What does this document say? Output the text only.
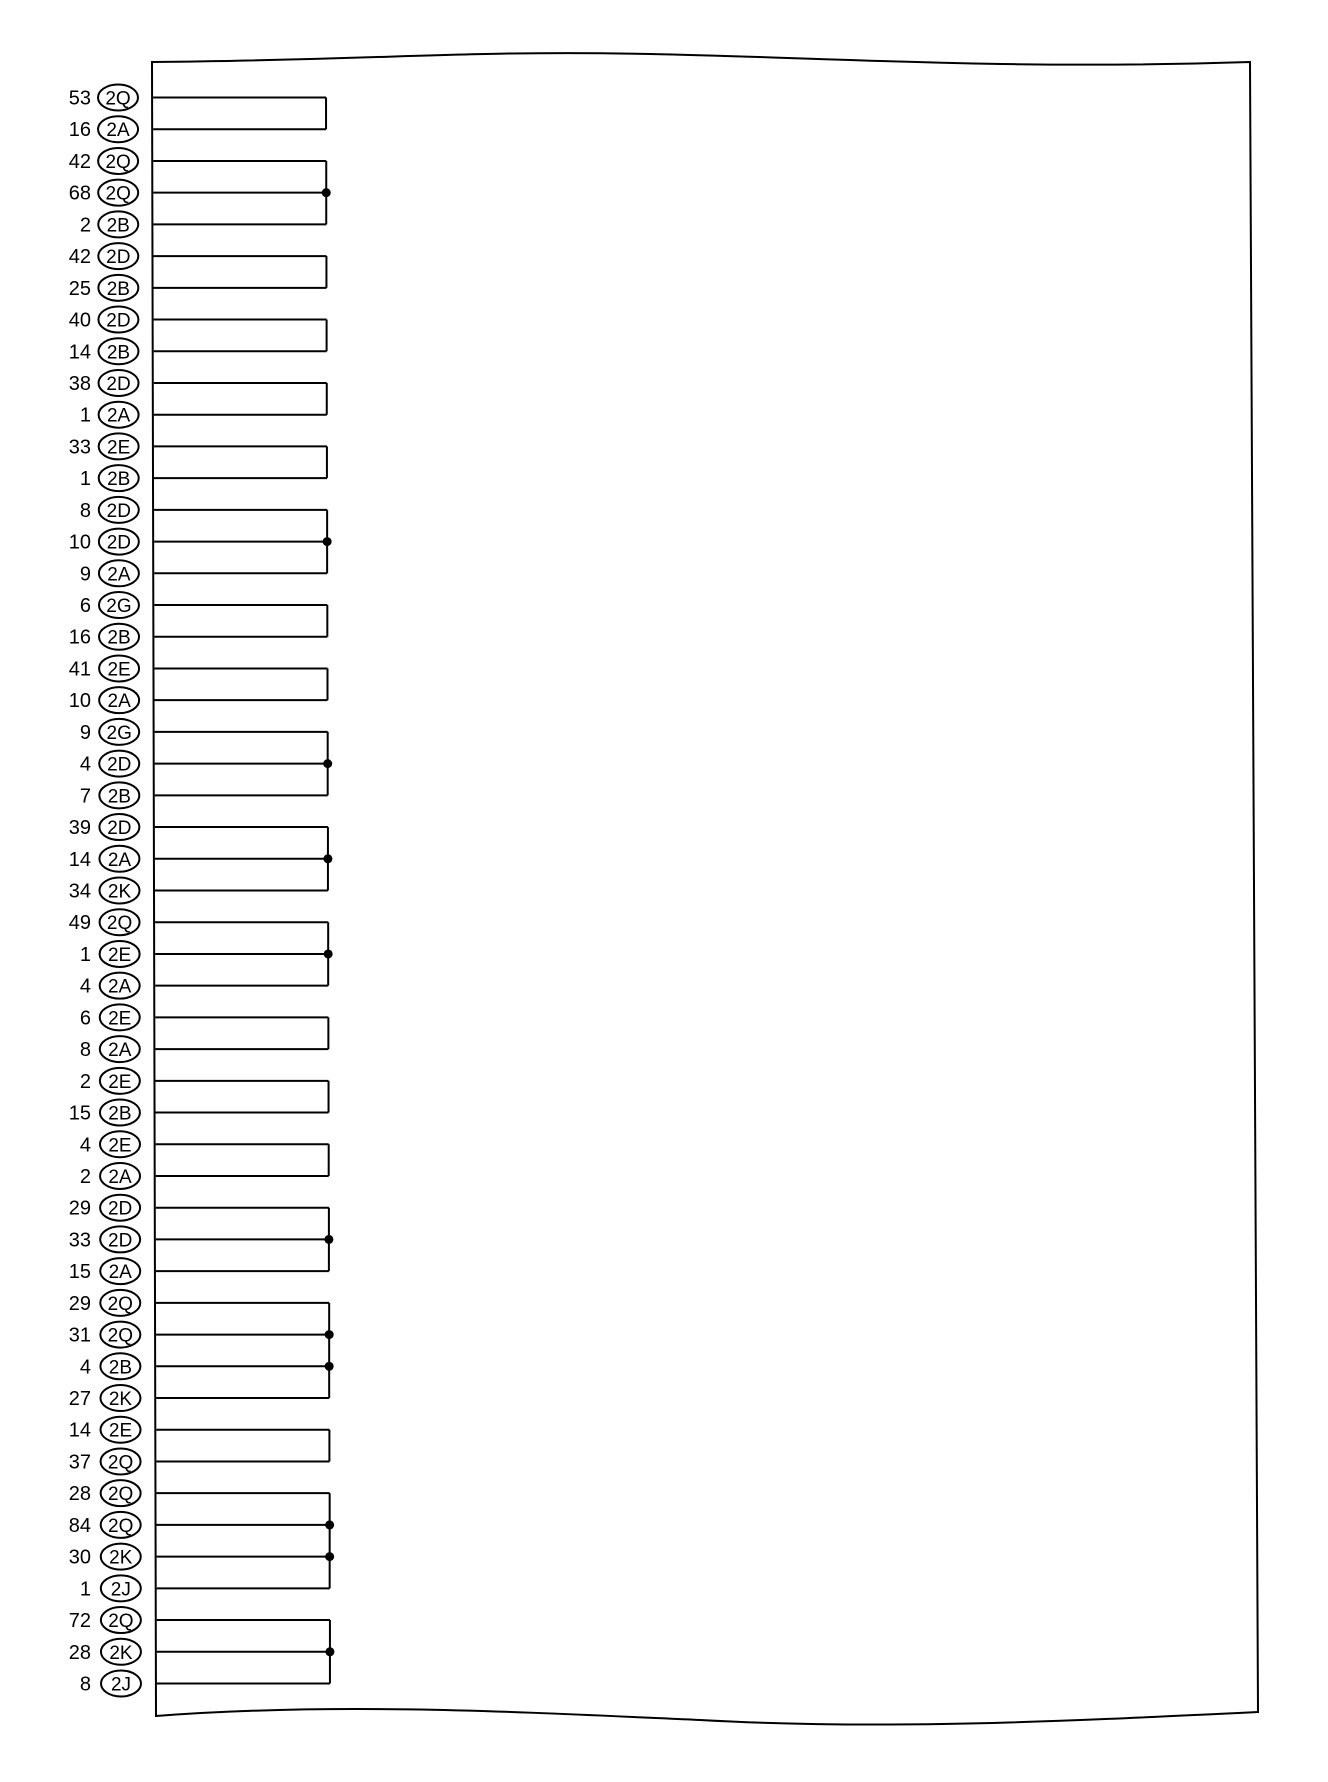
53 2Q
16 2A
42 2Q
68 2Q
2 2B
42 2D
25 2B
40 2D
14 2B
38 2D
1 2A
33 2E
1 2B
8 2D
10 2D
9 2A
6 2G
16 2B
41 2E
10 2A
9 2G
4 2D
7 2B
39 2D
14 2A
34 2K
49 2Q
1 2E
4 2A
6 2E
8 2A
2 2E
15 2B
4 2E
2 2A
29 2D
33 2D
15 2A
29 2Q
31 2Q
4 2B
27 2K
14 2E
37 2Q
28 2Q
84 2Q
30 2K
1 2J
72 2Q
28 2K
8 2J
